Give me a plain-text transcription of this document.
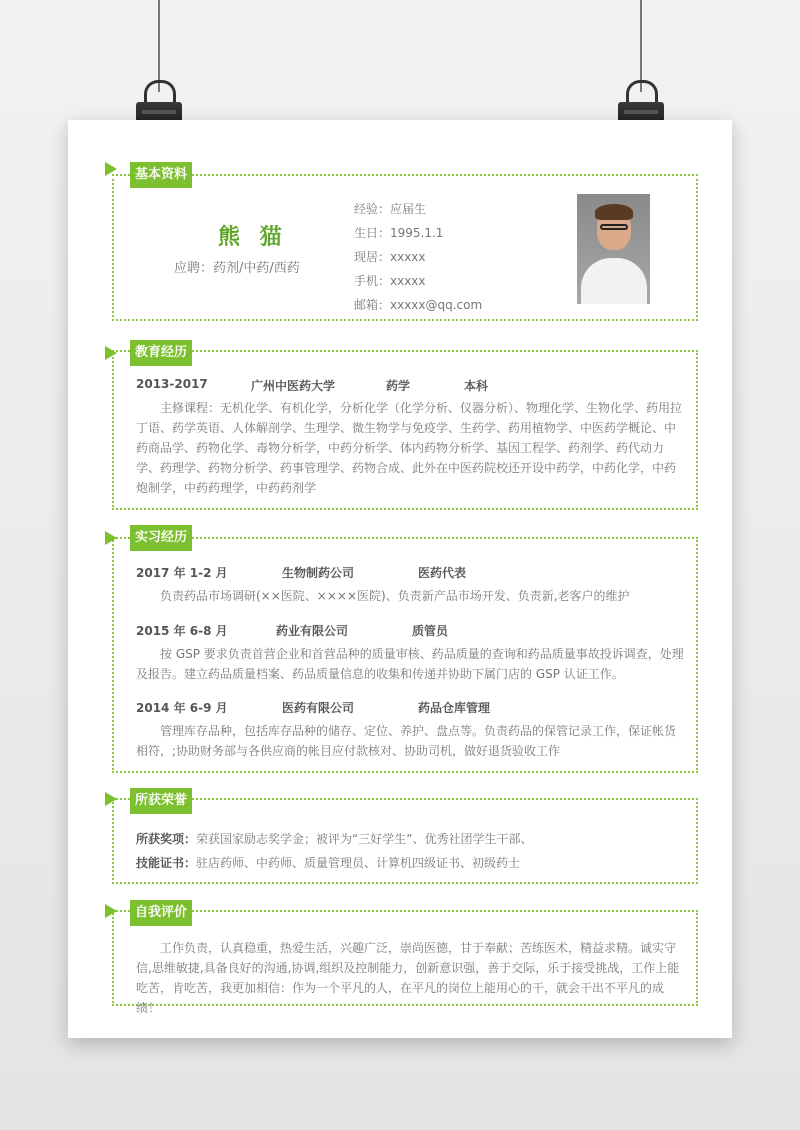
基本资料
熊 猫
应聘：药剂/中药/西药
经验：应届生
生日：1995.1.1
现居：xxxxx
手机：xxxxx
邮箱：xxxxx@qq.com
教育经历
2013-2017	广州中医药大学	药学	本科
主修课程：无机化学、有机化学，分析化学（化学分析、仪器分析）、物理化学、生物化学、药用拉丁语、药学英语、人体解剖学、生理学、微生物学与免疫学、生药学、药用植物学、中医药学概论、中药商品学、药物化学、毒物分析学，中药分析学、体内药物分析学、基因工程学、药剂学、药代动力学、药理学、药物分析学、药事管理学、药物合成、此外在中医药院校还开设中药学，中药化学，中药炮制学，中药药理学，中药药剂学
实习经历
2017 年 1-2 月	生物制药公司	医药代表
负责药品市场调研(××医院、××××医院)、负责新产品市场开发、负责新,老客户的维护
2015 年 6-8 月	药业有限公司	质管员
按 GSP 要求负责首营企业和首营品种的质量审核、药品质量的查询和药品质量事故投诉调查，处理及报告。建立药品质量档案、药品质量信息的收集和传递并协助下属门店的 GSP 认证工作。
2014 年 6-9 月	医药有限公司	药品仓库管理
管理库存品种，包括库存品种的储存、定位、养护、盘点等。负责药品的保管记录工作，保证帐货相符，;协助财务部与各供应商的帐目应付款核对、协助司机，做好退货验收工作
所获荣誉
所获奖项：荣获国家励志奖学金；被评为“三好学生”、优秀社团学生干部、
技能证书：驻店药师、中药师、质量管理员、计算机四级证书、初级药士
自我评价
工作负责，认真稳重，热爱生活，兴趣广泛，崇尚医德，甘于奉献；苦练医术，精益求精。诚实守信,思维敏捷,具备良好的沟通,协调,组织及控制能力，创新意识强，善于交际，乐于接受挑战，工作上能吃苦，肯吃苦，我更加相信：作为一个平凡的人，在平凡的岗位上能用心的干，就会干出不平凡的成绩！
